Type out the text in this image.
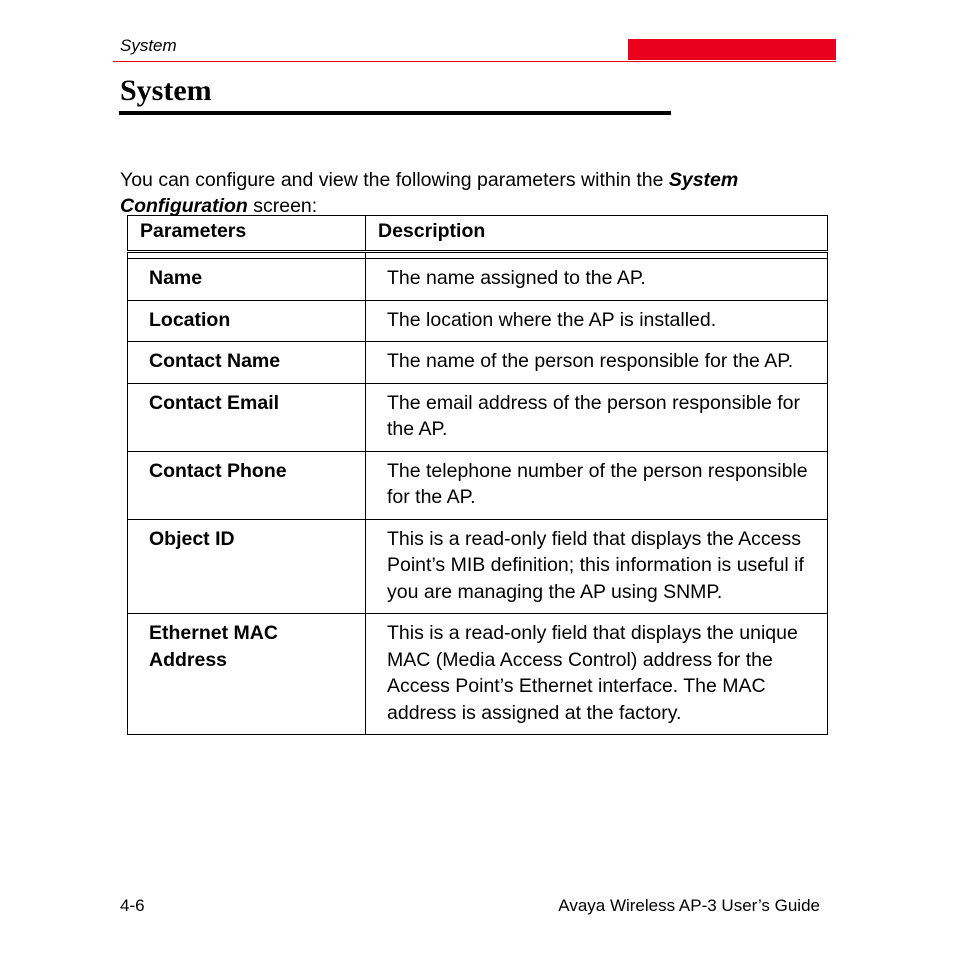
System
System

You can configure and view the following parameters within the System Configuration screen:

Parameters	Description

Name	The name assigned to the AP.
Location	The location where the AP is installed.
Contact Name	The name of the person responsible for the AP.
Contact Email	The email address of the person responsible for the AP.
Contact Phone	The telephone number of the person responsible for the AP.
Object ID	This is a read-only field that displays the Access Point’s MIB definition; this information is useful if you are managing the AP using SNMP.
Ethernet MAC Address	This is a read-only field that displays the unique MAC (Media Access Control) address for the Access Point’s Ethernet interface. The MAC address is assigned at the factory.
4-6	Avaya Wireless AP-3 User’s Guide
